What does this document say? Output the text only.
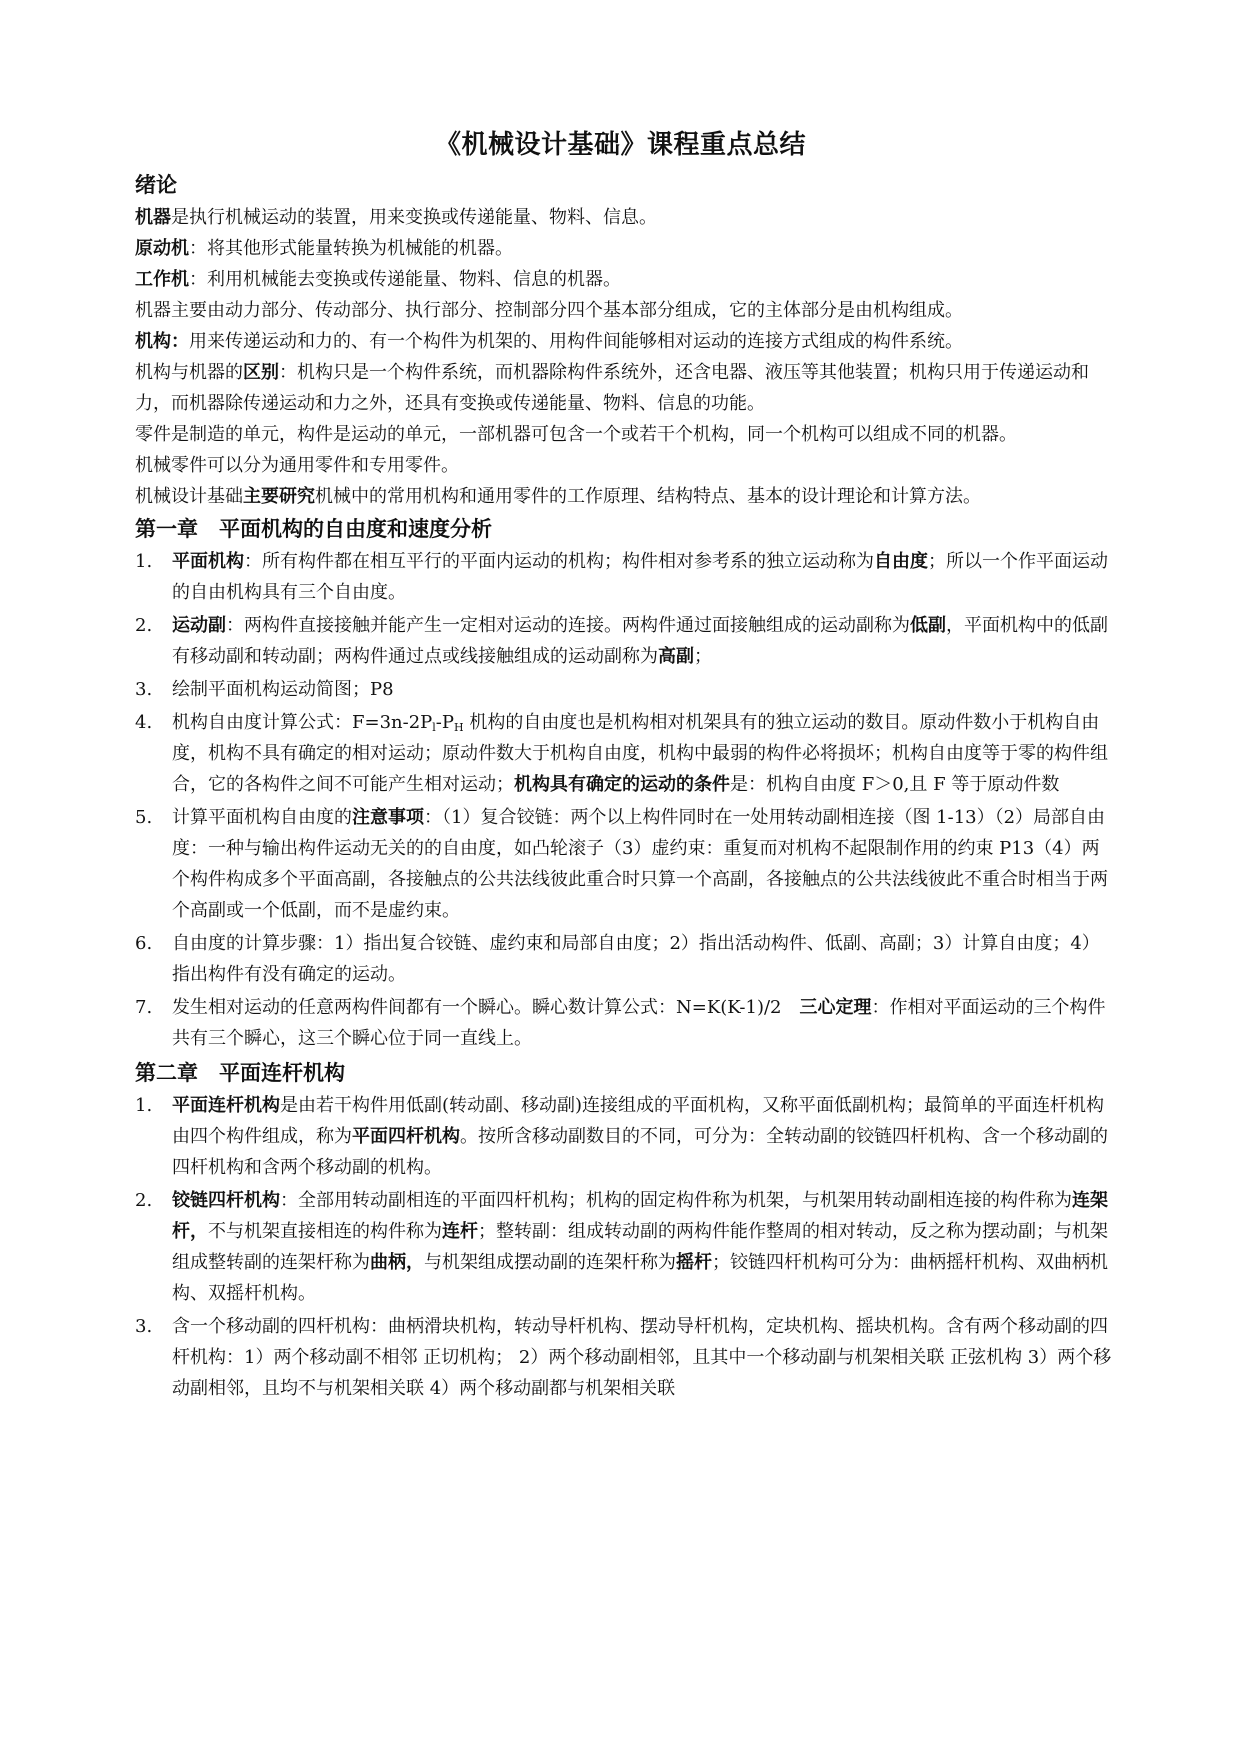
《机械设计基础》课程重点总结
绪论

机器是执行机械运动的装置，用来变换或传递能量、物料、信息。

原动机：将其他形式能量转换为机械能的机器。

工作机：利用机械能去变换或传递能量、物料、信息的机器。

机器主要由动力部分、传动部分、执行部分、控制部分四个基本部分组成，它的主体部分是由机构组成。

机构：用来传递运动和力的、有一个构件为机架的、用构件间能够相对运动的连接方式组成的构件系统。

机构与机器的区别：机构只是一个构件系统，而机器除构件系统外，还含电器、液压等其他装置；机构只用于传递运动和力，而机器除传递运动和力之外，还具有变换或传递能量、物料、信息的功能。

零件是制造的单元，构件是运动的单元，一部机器可包含一个或若干个机构，同一个机构可以组成不同的机器。

机械零件可以分为通用零件和专用零件。

机械设计基础主要研究机械中的常用机构和通用零件的工作原理、结构特点、基本的设计理论和计算方法。

第一章　平面机构的自由度和速度分析
1. 平面机构：所有构件都在相互平行的平面内运动的机构；构件相对参考系的独立运动称为自由度；所以一个作平面运动的自由机构具有三个自由度。
2. 运动副：两构件直接接触并能产生一定相对运动的连接。两构件通过面接触组成的运动副称为低副，平面机构中的低副有移动副和转动副；两构件通过点或线接触组成的运动副称为高副；
3. 绘制平面机构运动简图；P8
4. 机构自由度计算公式：$F=3n-2P_l-P_H$ 机构的自由度也是机构相对机架具有的独立运动的数目。原动件数小于机构自由度，机构不具有确定的相对运动；原动件数大于机构自由度，机构中最弱的构件必将损坏；机构自由度等于零的构件组合，它的各构件之间不可能产生相对运动；机构具有确定的运动的条件是：机构自由度 F＞0,且 F 等于原动件数
5. 计算平面机构自由度的注意事项：（1）复合铰链：两个以上构件同时在一处用转动副相连接（图 1-13）（2）局部自由度：一种与输出构件运动无关的的自由度，如凸轮滚子（3）虚约束：重复而对机构不起限制作用的约束 P13（4）两个构件构成多个平面高副，各接触点的公共法线彼此重合时只算一个高副，各接触点的公共法线彼此不重合时相当于两个高副或一个低副，而不是虚约束。
6. 自由度的计算步骤：1）指出复合铰链、虚约束和局部自由度；2）指出活动构件、低副、高副；3）计算自由度；4）指出构件有没有确定的运动。
7. 发生相对运动的任意两构件间都有一个瞬心。瞬心数计算公式：N=K(K-1)/2　三心定理：作相对平面运动的三个构件共有三个瞬心，这三个瞬心位于同一直线上。
第二章　平面连杆机构
1. 平面连杆机构是由若干构件用低副(转动副、移动副)连接组成的平面机构，又称平面低副机构；最简单的平面连杆机构由四个构件组成，称为平面四杆机构。按所含移动副数目的不同，可分为：全转动副的铰链四杆机构、含一个移动副的四杆机构和含两个移动副的机构。
2. 铰链四杆机构：全部用转动副相连的平面四杆机构；机构的固定构件称为机架，与机架用转动副相连接的构件称为连架杆，不与机架直接相连的构件称为连杆；整转副：组成转动副的两构件能作整周的相对转动，反之称为摆动副；与机架组成整转副的连架杆称为曲柄，与机架组成摆动副的连架杆称为摇杆；铰链四杆机构可分为：曲柄摇杆机构、双曲柄机构、双摇杆机构。
3. 含一个移动副的四杆机构：曲柄滑块机构，转动导杆机构、摆动导杆机构，定块机构、摇块机构。含有两个移动副的四杆机构：1）两个移动副不相邻 正切机构； 2）两个移动副相邻，且其中一个移动副与机架相关联 正弦机构 3）两个移动副相邻，且均不与机架相关联 4）两个移动副都与机架相关联
